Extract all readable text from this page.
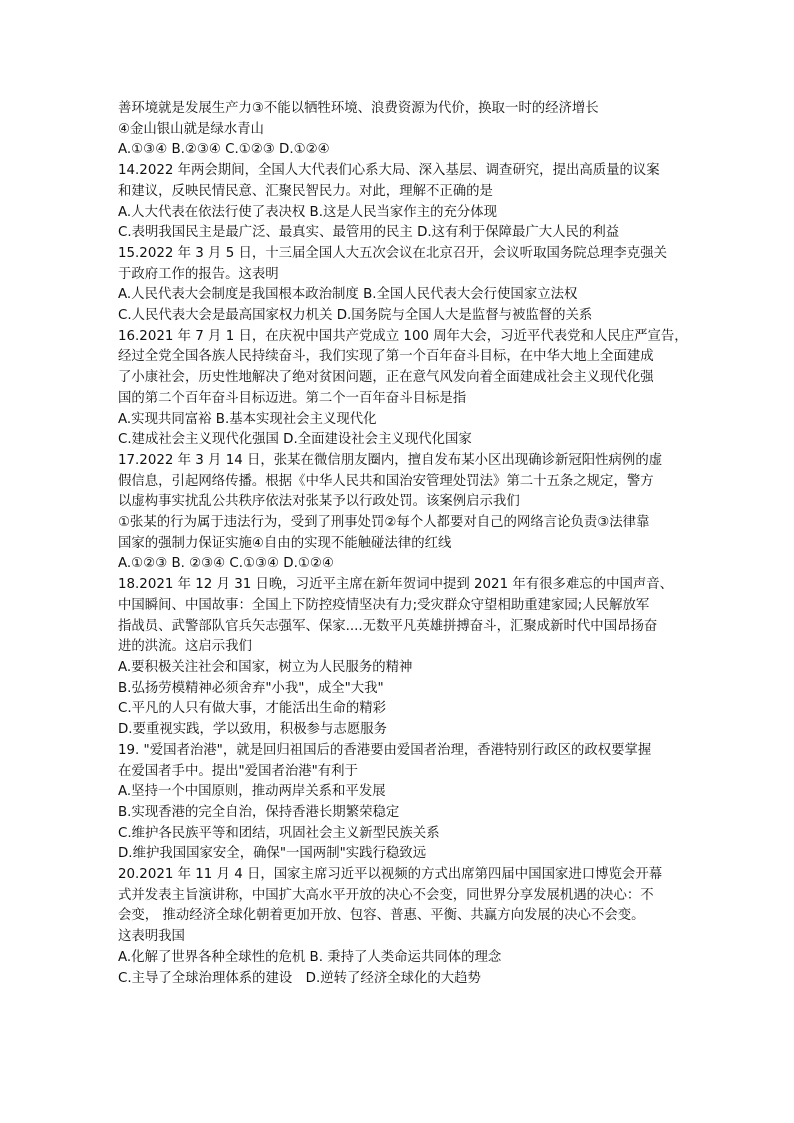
善环境就是发展生产力③不能以牺牲环境、浪费资源为代价，换取一时的经济增长
④金山银山就是绿水青山
A.①③④ B.②③④ C.①②③ D.①②④
14.2022 年两会期间，全国人大代表们心系大局、深入基层、调查研究，提出高质量的议案
和建议，反映民情民意、汇聚民智民力。对此，理解不正确的是
A.人大代表在依法行使了表决权 B.这是人民当家作主的充分体现
C.表明我国民主是最广泛、最真实、最管用的民主 D.这有利于保障最广大人民的利益
15.2022 年 3 月 5 日，十三届全国人大五次会议在北京召开，会议听取国务院总理李克强关
于政府工作的报告。这表明
A.人民代表大会制度是我国根本政治制度 B.全国人民代表大会行使国家立法权
C.人民代表大会是最高国家权力机关 D.国务院与全国人大是监督与被监督的关系
16.2021 年 7 月 1 日，在庆祝中国共产党成立 100 周年大会，习近平代表党和人民庄严宣告，
经过全党全国各族人民持续奋斗，我们实现了第一个百年奋斗目标，在中华大地上全面建成
了小康社会，历史性地解决了绝对贫困问题，正在意气风发向着全面建成社会主义现代化强
国的第二个百年奋斗目标迈进。第二个一百年奋斗目标是指
A.实现共同富裕 B.基本实现社会主义现代化
C.建成社会主义现代化强国 D.全面建设社会主义现代化国家
17.2022 年 3 月 14 日，张某在微信朋友圈内，擅自发布某小区出现确诊新冠阳性病例的虚
假信息，引起网络传播。根据《中华人民共和国治安管理处罚法》第二十五条之规定，警方
以虚构事实扰乱公共秩序依法对张某予以行政处罚。该案例启示我们
①张某的行为属于违法行为，受到了刑事处罚②每个人都要对自己的网络言论负责③法律靠
国家的强制力保证实施④自由的实现不能触碰法律的红线
A.①②③ B. ②③④ C.①③④ D.①②④
18.2021 年 12 月 31 日晚，习近平主席在新年贺词中提到 2021 年有很多难忘的中国声音、
中国瞬间、中国故事：全国上下防控疫情坚决有力;受灾群众守望相助重建家园;人民解放军
指战员、武警部队官兵矢志强军、保家....无数平凡英雄拼搏奋斗，汇聚成新时代中国昂扬奋
进的洪流。这启示我们
A.要积极关注社会和国家，树立为人民服务的精神
B.弘扬劳模精神必须舍弃"小我"，成全"大我"
C.平凡的人只有做大事，才能活出生命的精彩
D.要重视实践，学以致用，积极参与志愿服务
19. "爱国者治港"，就是回归祖国后的香港要由爱国者治理，香港特别行政区的政权要掌握
在爱国者手中。提出"爱国者治港"有利于
A.坚持一个中国原则，推动两岸关系和平发展
B.实现香港的完全自治，保持香港长期繁荣稳定
C.维护各民族平等和团结，巩固社会主义新型民族关系
D.维护我国国家安全，确保"一国两制"实践行稳致远
20.2021 年 11 月 4 日，国家主席习近平以视频的方式出席第四届中国国家进口博览会开幕
式并发表主旨演讲称，中国扩大高水平开放的决心不会变，同世界分享发展机遇的决心：不
会变， 推动经济全球化朝着更加开放、包容、普惠、平衡、共赢方向发展的决心不会变。
这表明我国
A.化解了世界各种全球性的危机 B. 秉持了人类命运共同体的理念
C.主导了全球治理体系的建设　D.逆转了经济全球化的大趋势
